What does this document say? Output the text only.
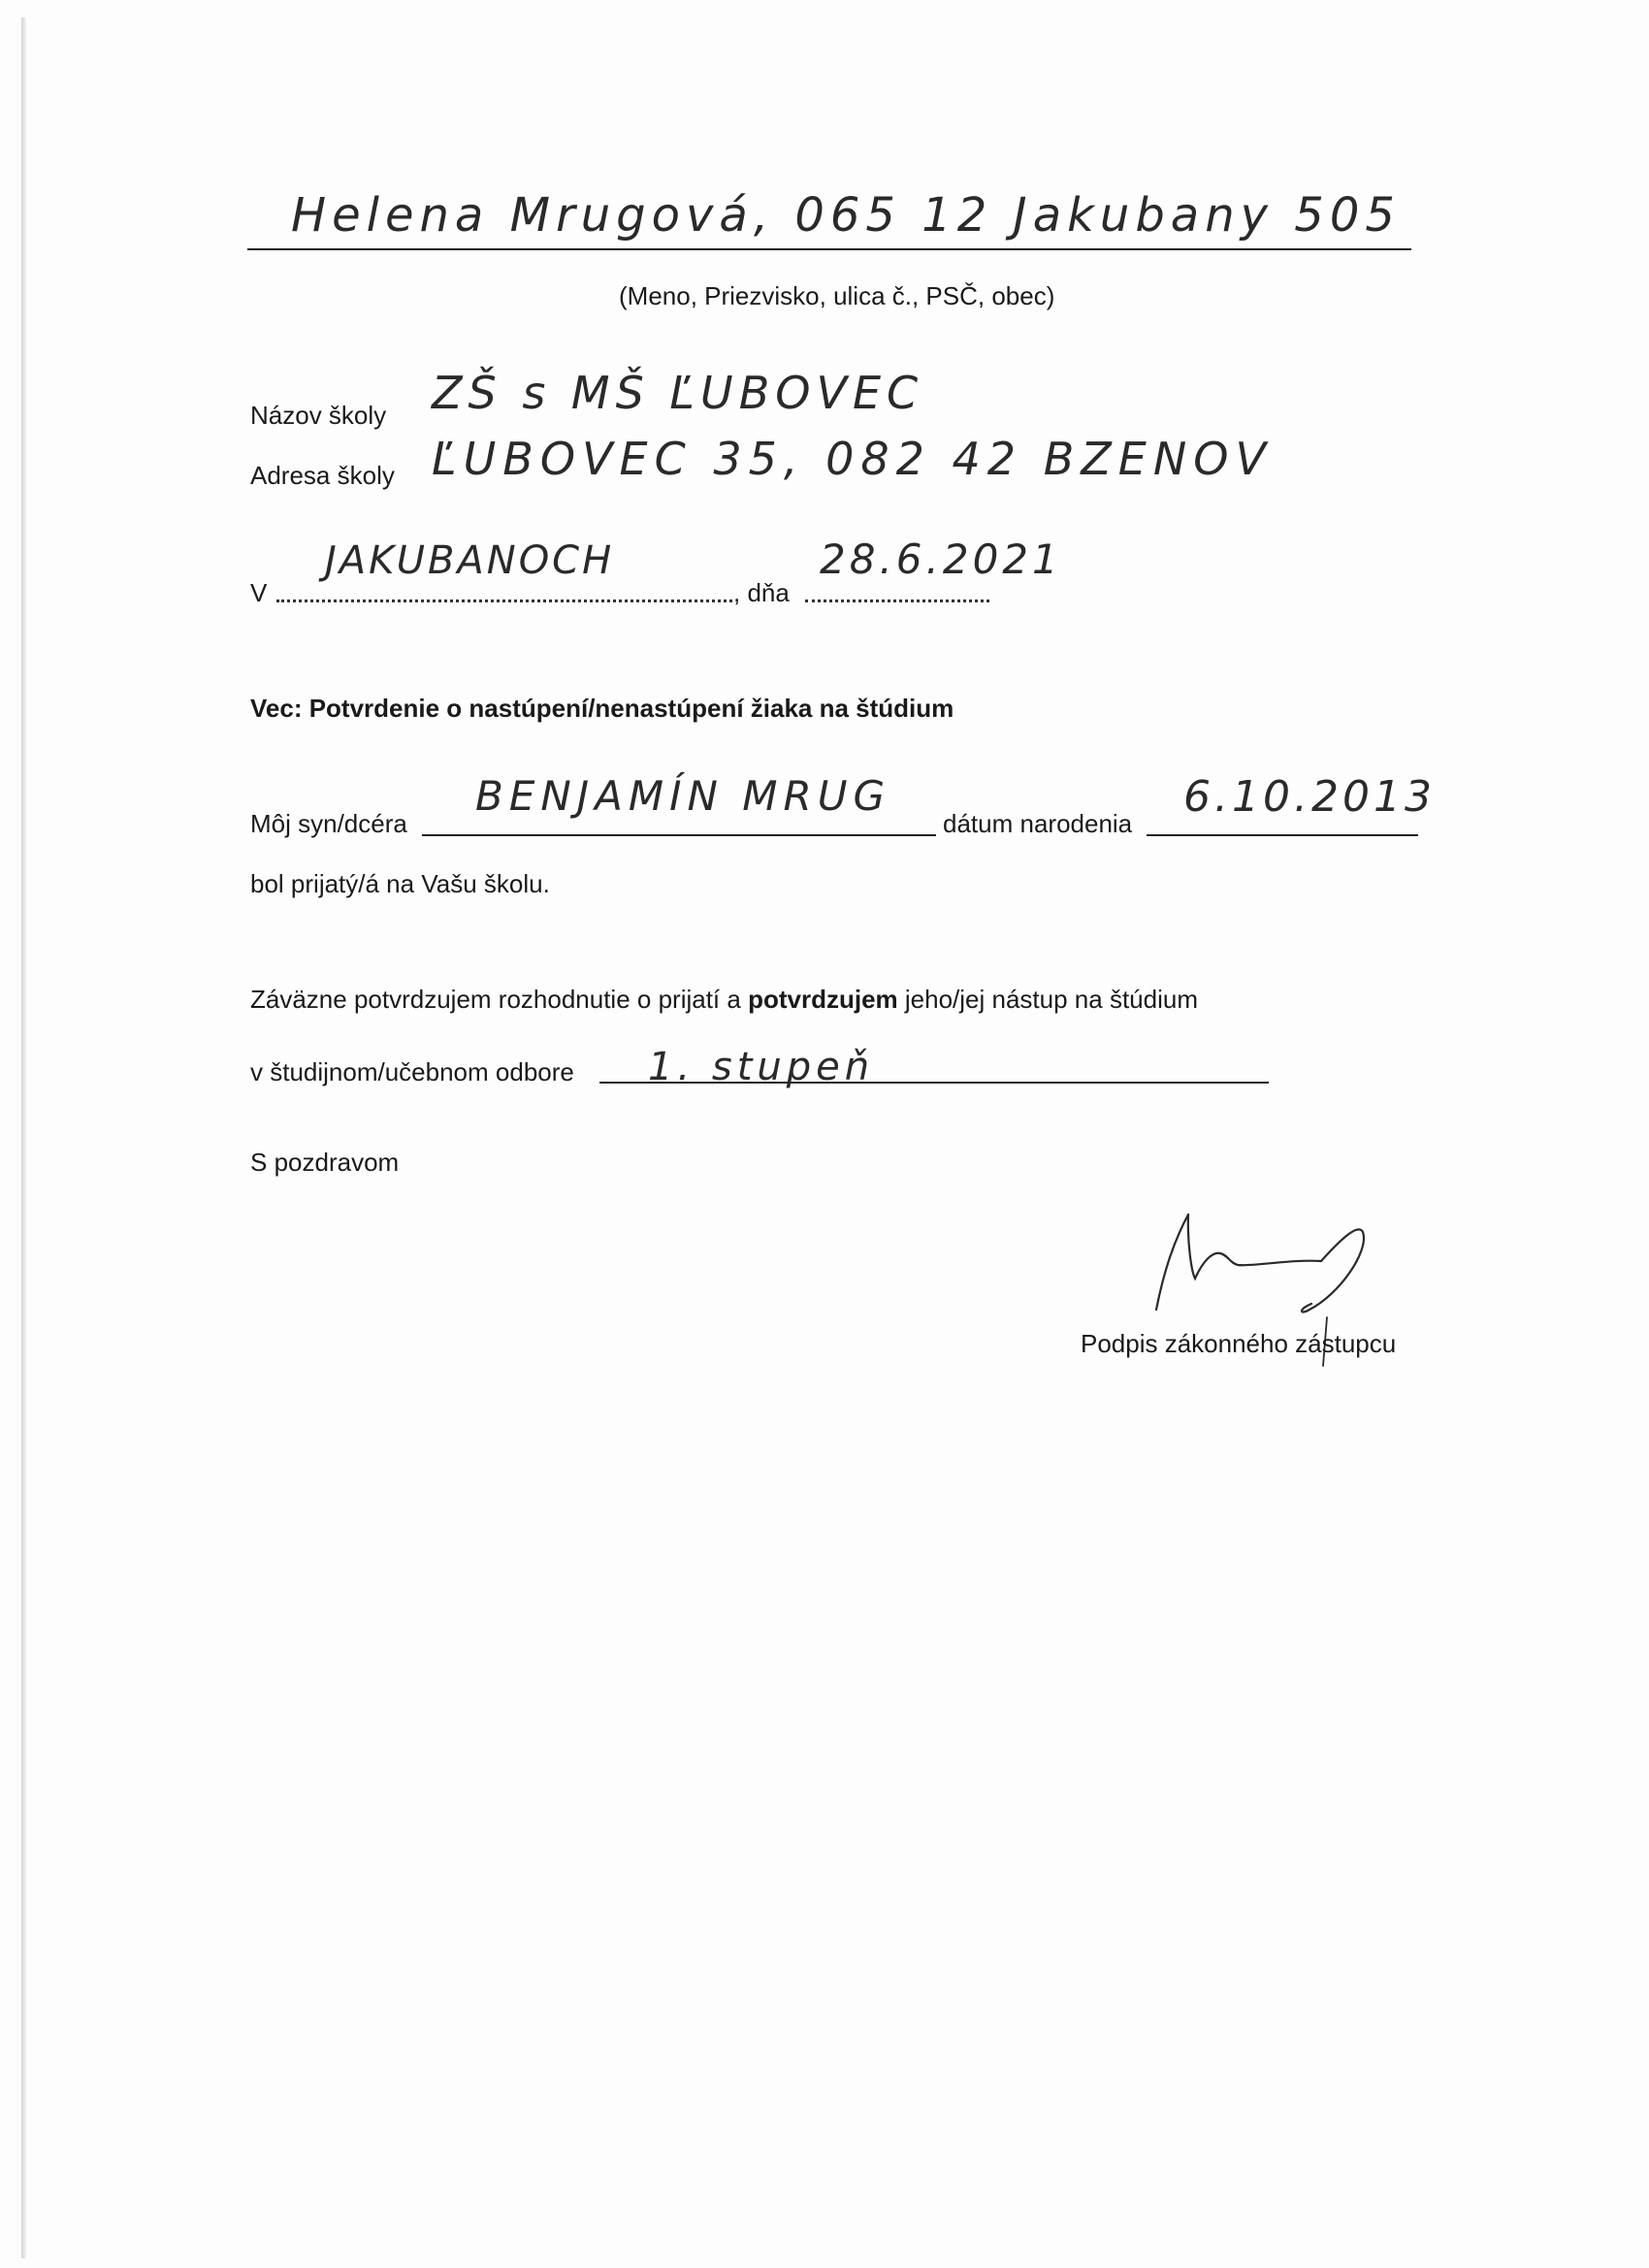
Helena Mrugová, 065 12 Jakubany 505
(Meno, Priezvisko, ulica č., PSČ, obec)
Názov školy ZŠ s MŠ ĽUBOVEC
Adresa školy ĽUBOVEC 35, 082 42 BZENOV
V
JAKUBANOCH
, dňa
28.6.2021
Vec: Potvrdenie o nastúpení/nenastúpení žiaka na štúdium
Môj syn/dcéra
BENJAMÍN MRUG
dátum narodenia
6.10.2013
bol prijatý/á na Vašu školu.
Záväzne potvrdzujem rozhodnutie o prijatí a potvrdzujem jeho/jej nástup na štúdium
v študijnom/učebnom odbore 1. stupeň
S pozdravom
Podpis zákonného zástupcu
